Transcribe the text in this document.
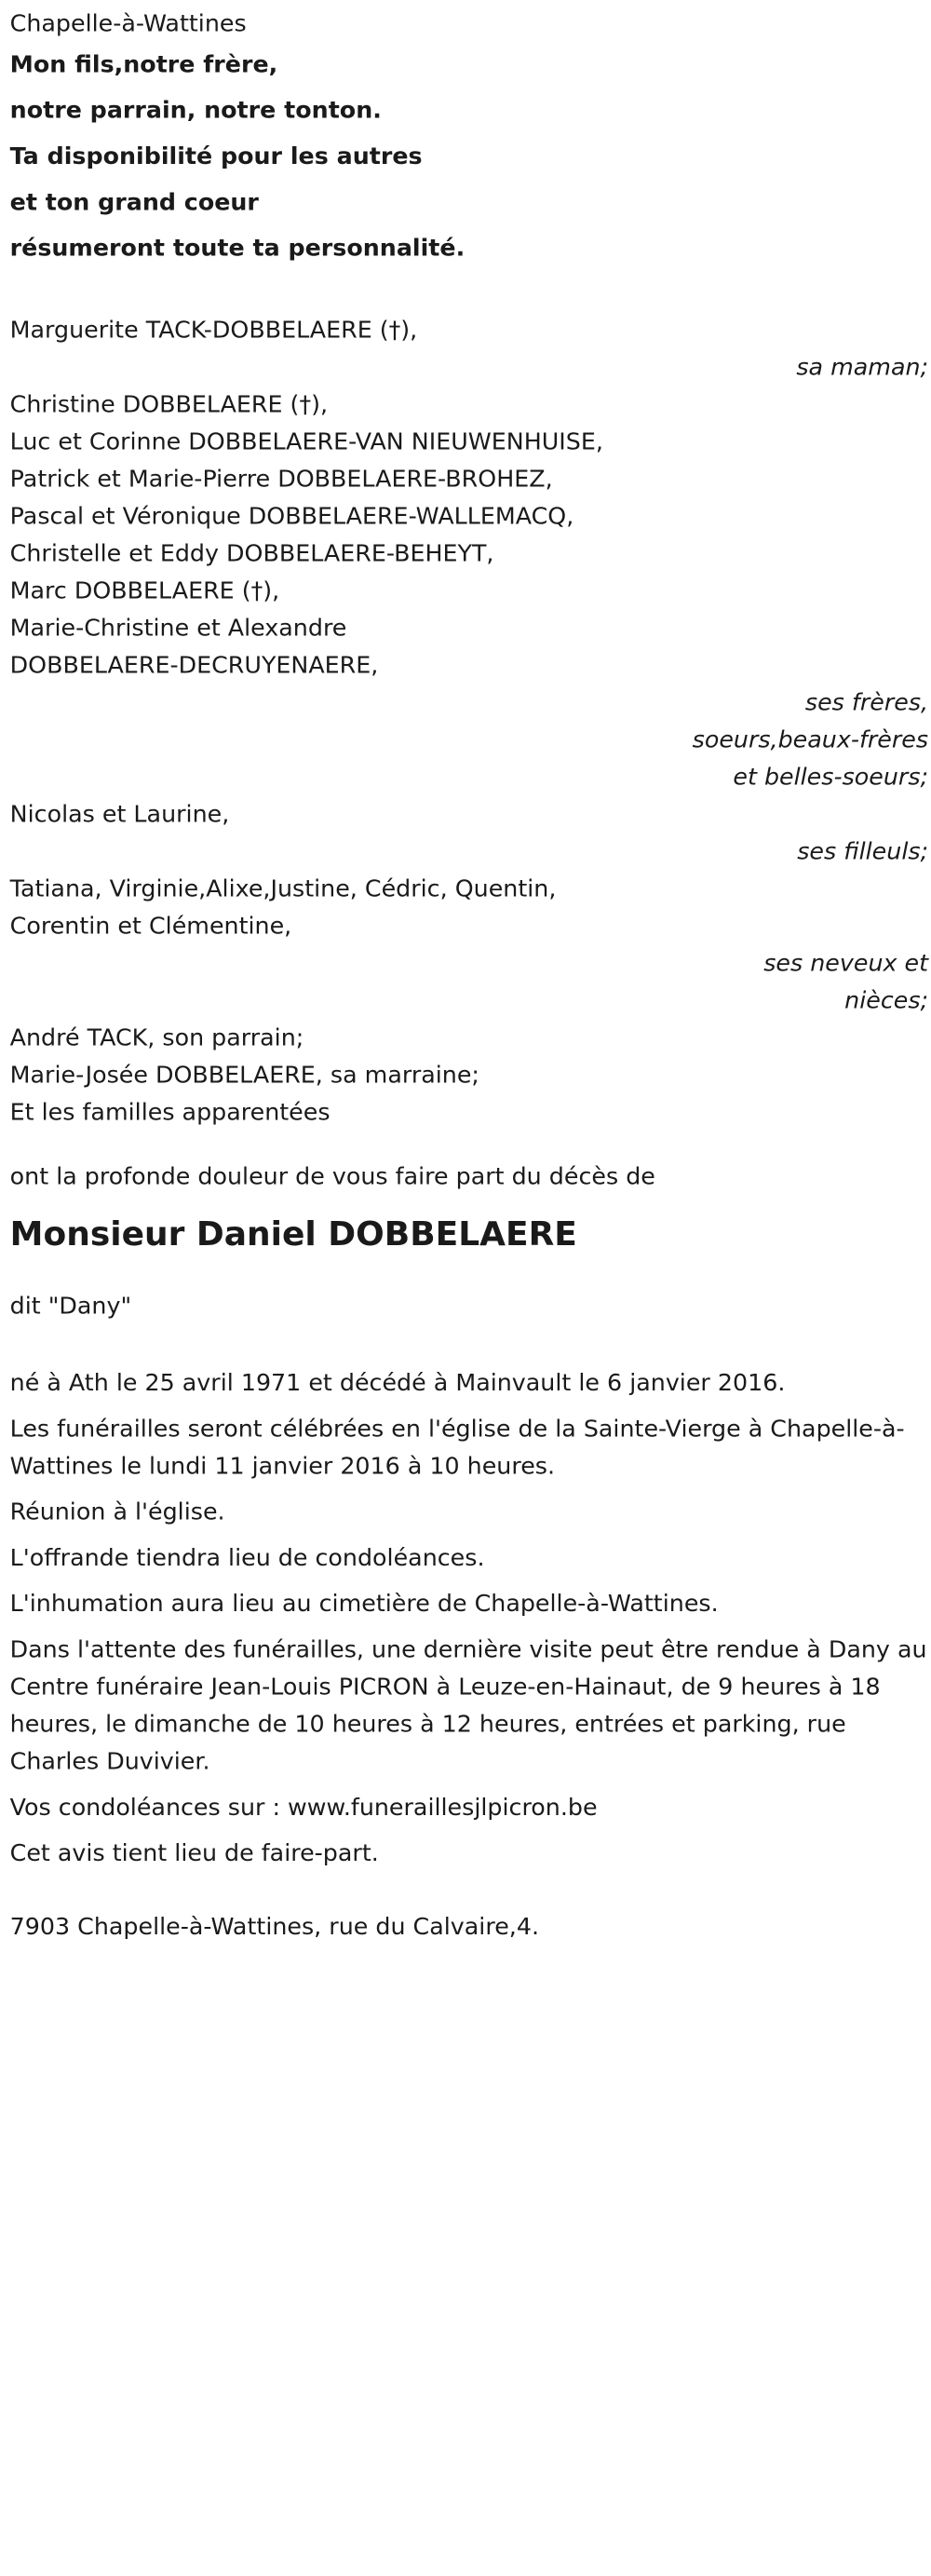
Chapelle-à-Wattines

Mon fils,notre frère,

notre parrain, notre tonton.

Ta disponibilité pour les autres

et ton grand coeur

résumeront toute ta personnalité.

Marguerite TACK-DOBBELAERE (†),

sa maman;

Christine DOBBELAERE (†),

Luc et Corinne DOBBELAERE-VAN NIEUWENHUISE,

Patrick et Marie-Pierre DOBBELAERE-BROHEZ,

Pascal et Véronique DOBBELAERE-WALLEMACQ,

Christelle et Eddy DOBBELAERE-BEHEYT,

Marc DOBBELAERE (†),

Marie-Christine et Alexandre

DOBBELAERE-DECRUYENAERE,

ses frères,

soeurs,beaux-frères

et belles-soeurs;

Nicolas et Laurine,

ses filleuls;

Tatiana, Virginie,Alixe,Justine, Cédric, Quentin,

Corentin et Clémentine,

ses neveux et

nièces;

André TACK, son parrain;

Marie-Josée DOBBELAERE, sa marraine;

Et les familles apparentées

ont la profonde douleur de vous faire part du décès de

Monsieur Daniel DOBBELAERE

dit "Dany"

né à Ath le 25 avril 1971 et décédé à Mainvault le 6 janvier 2016.

Les funérailles seront célébrées en l'église de la Sainte-Vierge à Chapelle-à-Wattines le lundi 11 janvier 2016 à 10 heures.

Réunion à l'église.

L'offrande tiendra lieu de condoléances.

L'inhumation aura lieu au cimetière de Chapelle-à-Wattines.

Dans l'attente des funérailles, une dernière visite peut être rendue à Dany au Centre funéraire Jean-Louis PICRON à Leuze-en-Hainaut, de 9 heures à 18 heures, le dimanche de 10 heures à 12 heures, entrées et parking, rue Charles Duvivier.

Vos condoléances sur : www.funeraillesjlpicron.be

Cet avis tient lieu de faire-part.

7903 Chapelle-à-Wattines, rue du Calvaire,4.
